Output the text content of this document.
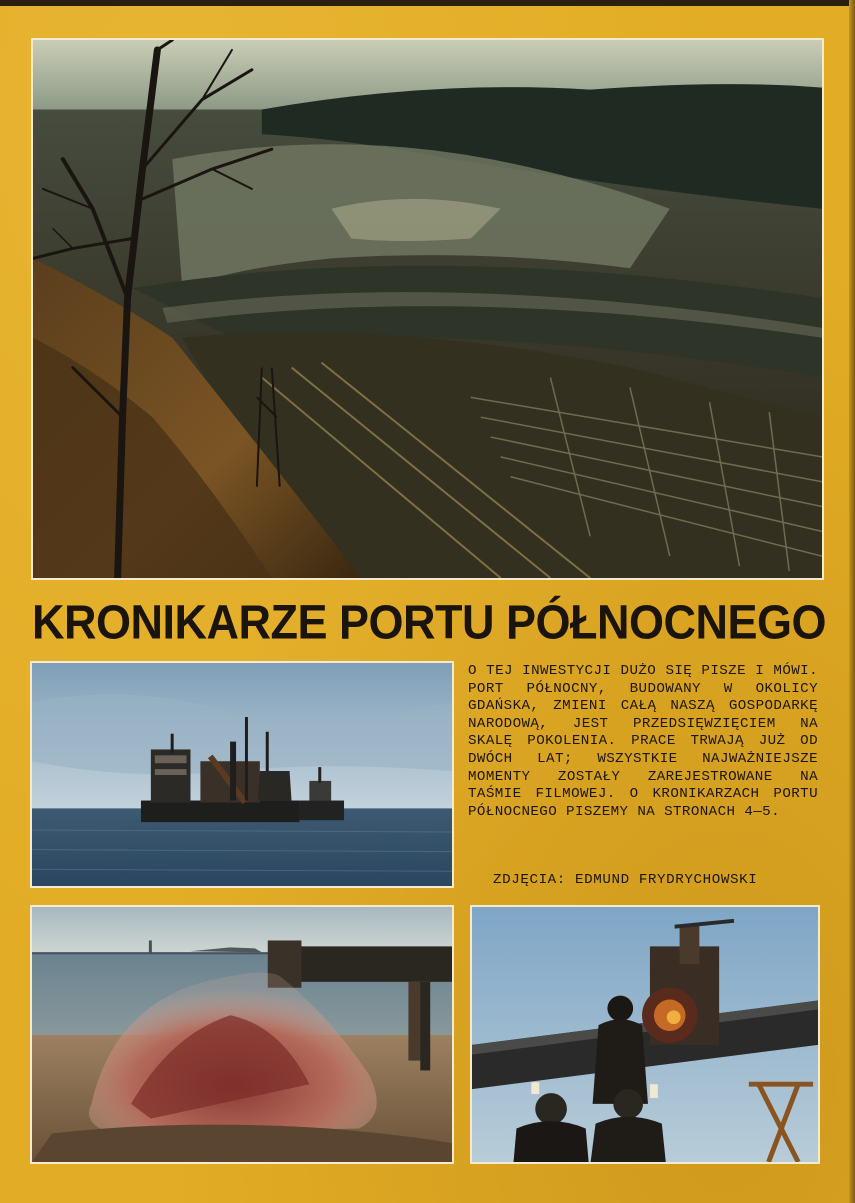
KRONIKARZE PORTU PÓŁNOCNEGO
O TEJ INWESTYCJI DUŻO SIĘ PISZE I MÓWI. PORT PÓŁNOCNY, BUDOWANY W OKOLICY GDAŃSKA, ZMIENI CAŁĄ NASZĄ GOSPODARKĘ NARODOWĄ, JEST PRZEDSIĘWZIĘCIEM NA SKALĘ POKOLENIA. PRACE TRWAJĄ JUŻ OD DWÓCH LAT; WSZYSTKIE NAJWAŻNIEJSZE MOMENTY ZOSTAŁY ZAREJESTROWANE NA TAŚMIE FILMOWEJ. O KRONIKARZACH PORTU PÓŁNOCNEGO PISZEMY NA STRONACH 4—5.
ZDJĘCIA: EDMUND FRYDRYCHOWSKI
